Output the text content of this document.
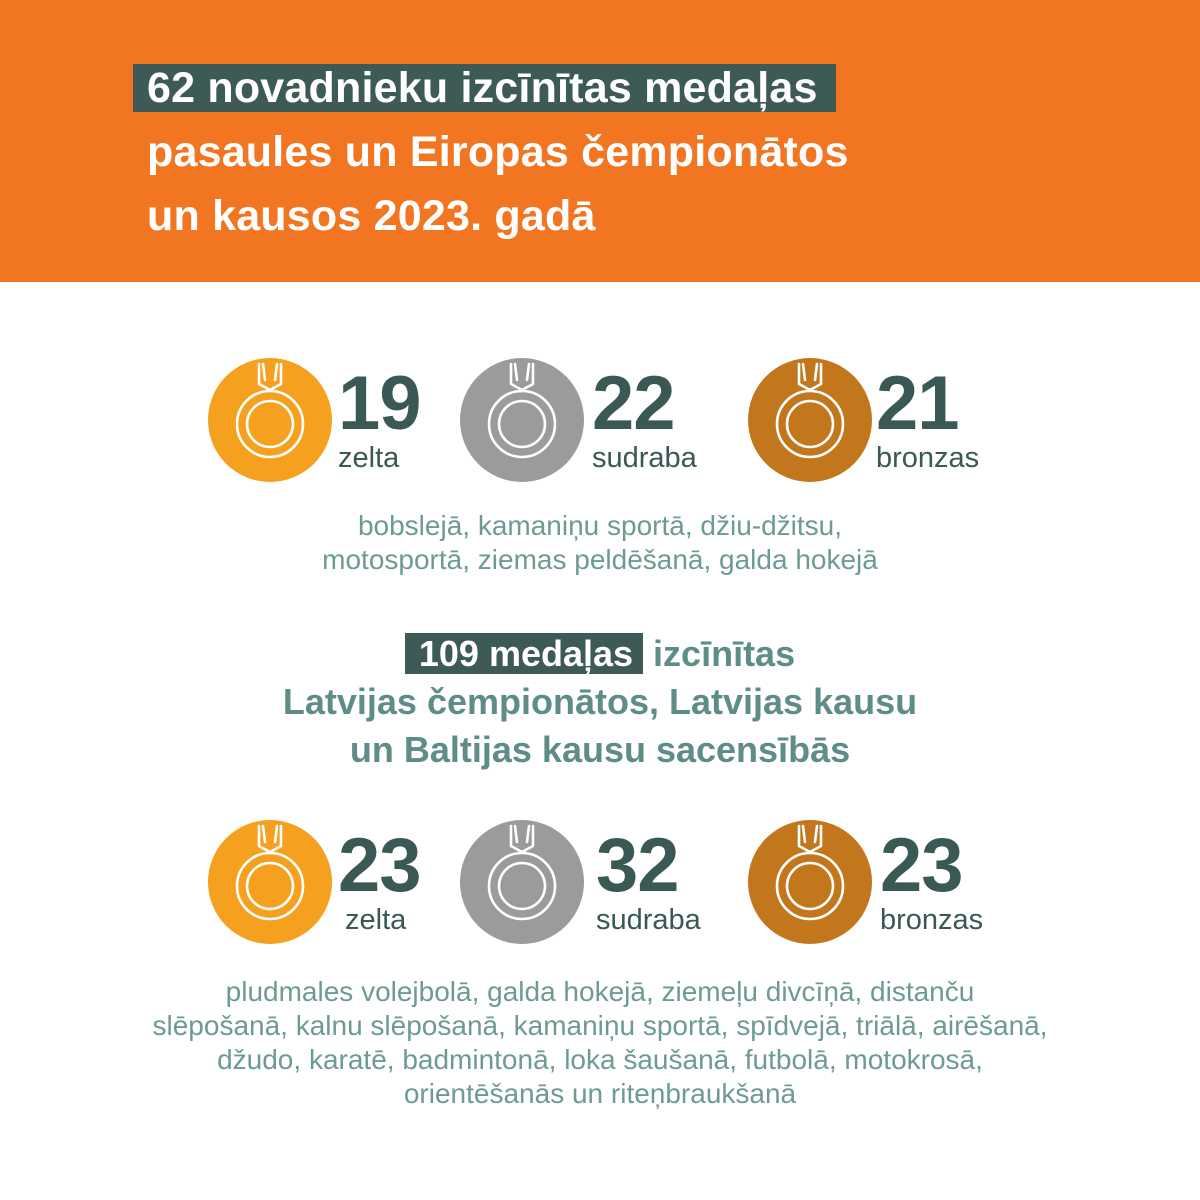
62 novadnieku izcīnītas medaļas
pasaules un Eiropas čempionātos
un kausos 2023. gadā
19
zelta
22
sudraba
21
bronzas
bobslejā, kamaniņu sportā, džiu-džitsu,
motosportā, ziemas peldēšanā, galda hokejā
109 medaļas izcīnītas
Latvijas čempionātos, Latvijas kausu
un Baltijas kausu sacensībās
23
zelta
32
sudraba
23
bronzas
pludmales volejbolā, galda hokejā, ziemeļu divcīņā, distanču
slēpošanā, kalnu slēpošanā, kamaniņu sportā, spīdvejā, triālā, airēšanā,
džudo, karatē, badmintonā, loka šaušanā, futbolā, motokrosā,
orientēšanās un riteņbraukšanā
